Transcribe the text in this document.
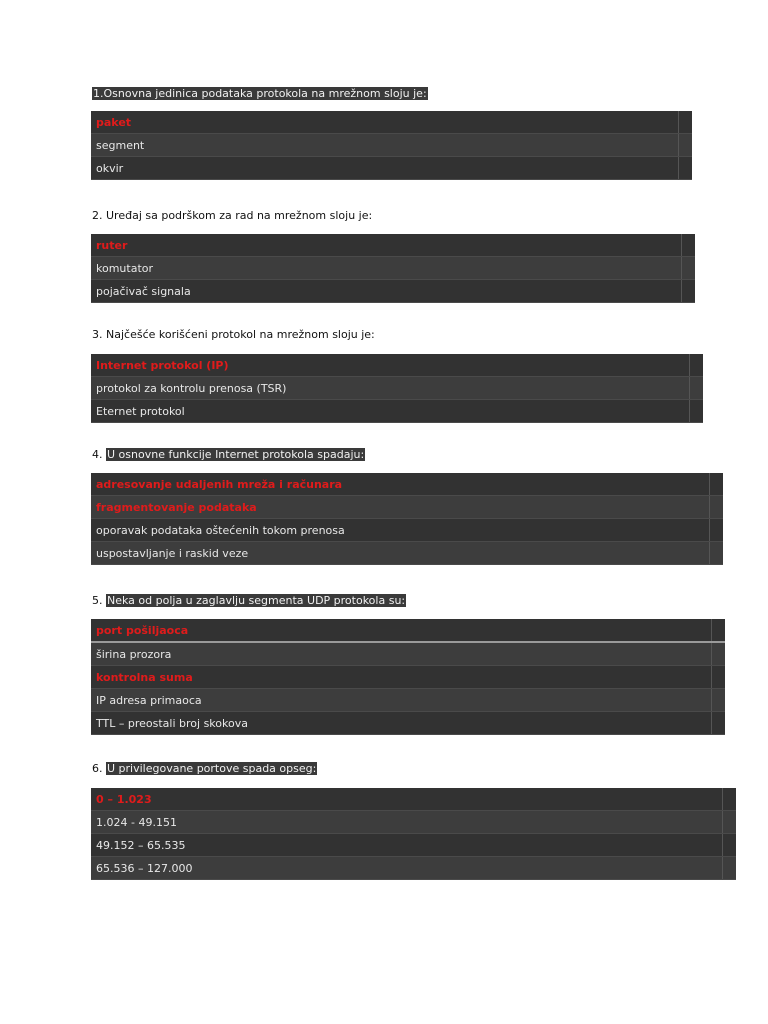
1.Osnovna jedinica podataka protokola na mrežnom sloju je:
paket	
segment	
okvir	
2. Uređaj sa podrškom za rad na mrežnom sloju je:
ruter	
komutator	
pojačivač signala	
3. Najčešće korišćeni protokol na mrežnom sloju je:
Internet protokol (IP)	
protokol za kontrolu prenosa (TSR)	
Eternet protokol	
4. U osnovne funkcije Internet protokola spadaju:
adresovanje udaljenih mreža i računara	
fragmentovanje podataka	
oporavak podataka oštećenih tokom prenosa	
uspostavljanje i raskid veze	
5. Neka od polja u zaglavlju segmenta UDP protokola su:
port pošiljaoca	
širina prozora	
kontrolna suma	
IP adresa primaoca	
TTL – preostali broj skokova	
6. U privilegovane portove spada opseg:
0 – 1.023	
1.024 - 49.151	
49.152 – 65.535	
65.536 – 127.000	
